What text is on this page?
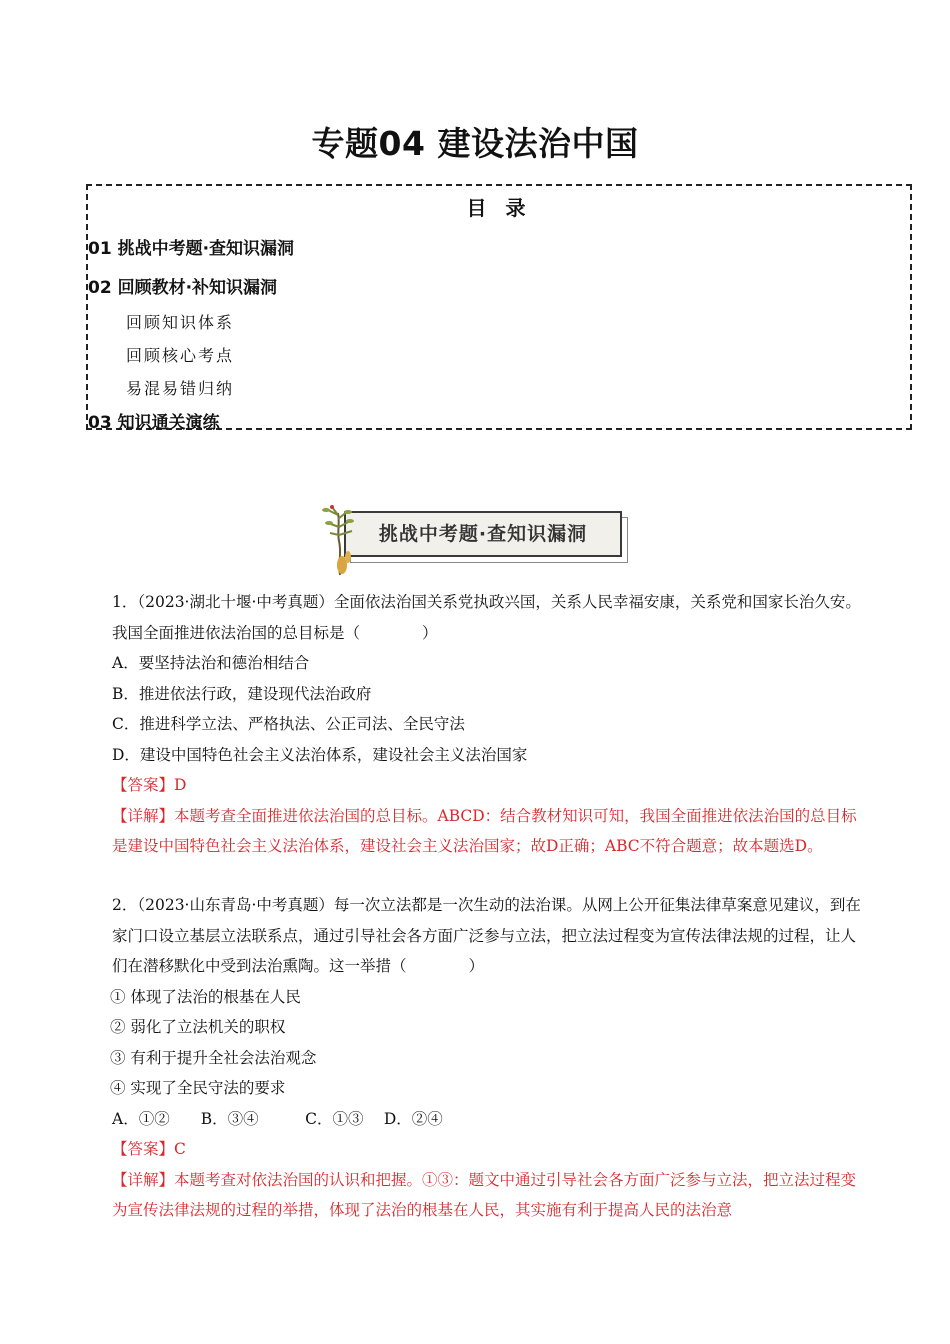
专题04 建设法治中国
目 录
01 挑战中考题·查知识漏洞
02 回顾教材·补知识漏洞
回顾知识体系
回顾核心考点
易混易错归纳
03 知识通关演练
挑战中考题·查知识漏洞

1．（2023·湖北十堰·中考真题）全面依法治国关系党执政兴国，关系人民幸福安康，关系党和国家长治久安。我国全面推进依法治国的总目标是（　　　　）

A．要坚持法治和德治相结合

B．推进依法行政，建设现代法治政府

C．推进科学立法、严格执法、公正司法、全民守法

D．建设中国特色社会主义法治体系，建设社会主义法治国家

【答案】D

【详解】本题考查全面推进依法治国的总目标。ABCD：结合教材知识可知，我国全面推进依法治国的总目标是建设中国特色社会主义法治体系，建设社会主义法治国家；故D正确；ABC不符合题意；故本题选D。

2．（2023·山东青岛·中考真题）每一次立法都是一次生动的法治课。从网上公开征集法律草案意见建议，到在家门口设立基层立法联系点，通过引导社会各方面广泛参与立法，把立法过程变为宣传法律法规的过程，让人们在潜移默化中受到法治熏陶。这一举措（　　　　）

① 体现了法治的根基在人民

② 弱化了立法机关的职权

③ 有利于提升全社会法治观念

④ 实现了全民守法的要求

A．①②　　B．③④　　　C．①③　 D．②④

【答案】C

【详解】本题考查对依法治国的认识和把握。①③：题文中通过引导社会各方面广泛参与立法，把立法过程变为宣传法律法规的过程的举措，体现了法治的根基在人民，其实施有利于提高人民的法治意
